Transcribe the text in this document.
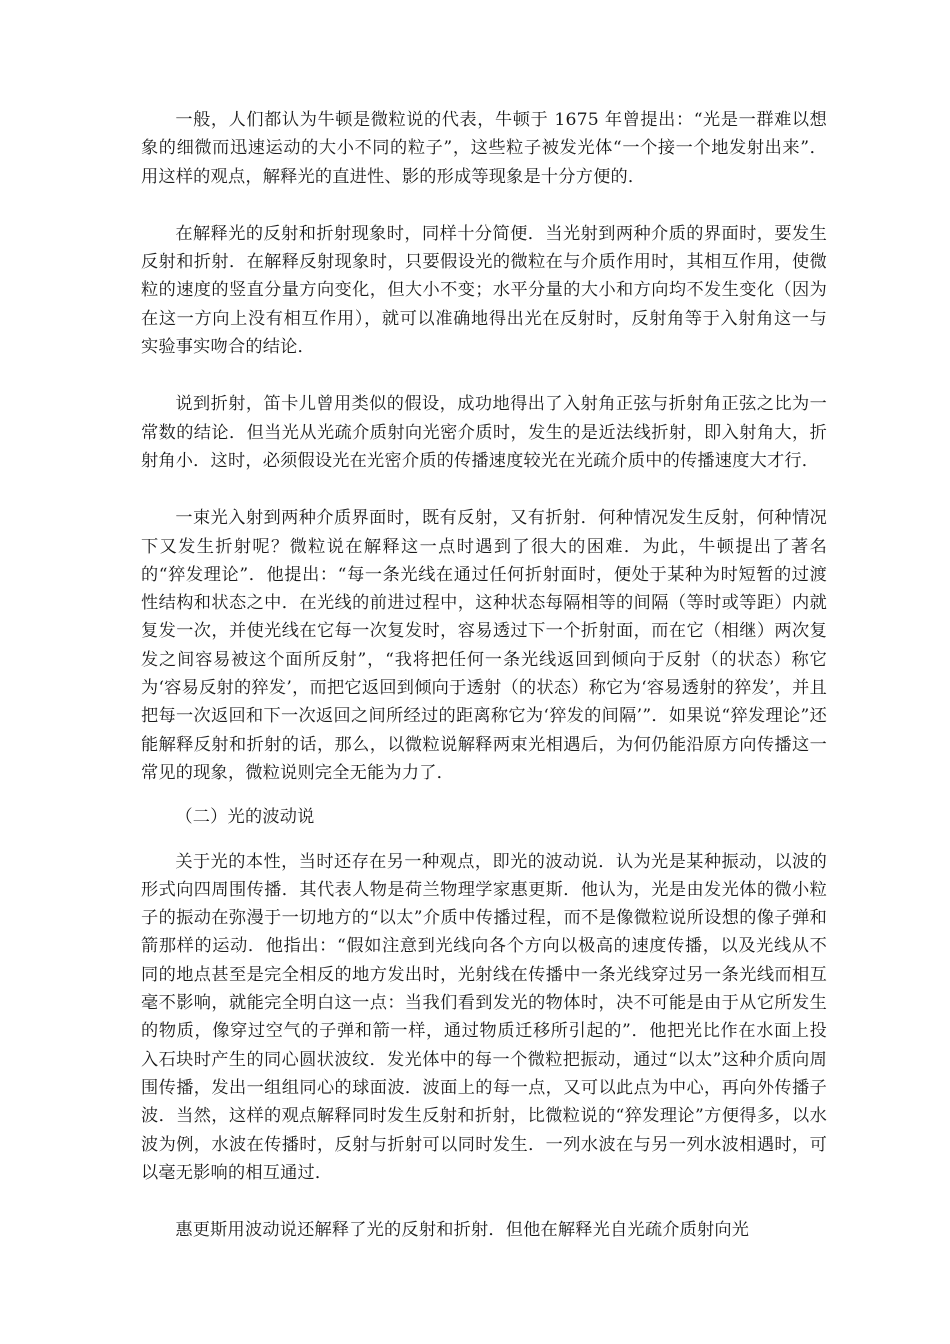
一般，人们都认为牛顿是微粒说的代表，牛顿于 1675 年曾提出：“光是一群难以想象的细微而迅速运动的大小不同的粒子”，这些粒子被发光体“一个接一个地发射出来”．用这样的观点，解释光的直进性、影的形成等现象是十分方便的．

在解释光的反射和折射现象时，同样十分简便．当光射到两种介质的界面时，要发生反射和折射．在解释反射现象时，只要假设光的微粒在与介质作用时，其相互作用，使微粒的速度的竖直分量方向变化，但大小不变；水平分量的大小和方向均不发生变化（因为在这一方向上没有相互作用），就可以准确地得出光在反射时，反射角等于入射角这一与实验事实吻合的结论．

说到折射，笛卡儿曾用类似的假设，成功地得出了入射角正弦与折射角正弦之比为一常数的结论．但当光从光疏介质射向光密介质时，发生的是近法线折射，即入射角大，折射角小．这时，必须假设光在光密介质的传播速度较光在光疏介质中的传播速度大才行．

一束光入射到两种介质界面时，既有反射，又有折射．何种情况发生反射，何种情况下又发生折射呢？微粒说在解释这一点时遇到了很大的困难．为此，牛顿提出了著名的“猝发理论”．他提出：“每一条光线在通过任何折射面时，便处于某种为时短暂的过渡性结构和状态之中．在光线的前进过程中，这种状态每隔相等的间隔（等时或等距）内就复发一次，并使光线在它每一次复发时，容易透过下一个折射面，而在它（相继）两次复发之间容易被这个面所反射”，“我将把任何一条光线返回到倾向于反射（的状态）称它为‘容易反射的猝发’，而把它返回到倾向于透射（的状态）称它为‘容易透射的猝发’，并且把每一次返回和下一次返回之间所经过的距离称它为‘猝发的间隔’”．如果说“猝发理论”还能解释反射和折射的话，那么，以微粒说解释两束光相遇后，为何仍能沿原方向传播这一常见的现象，微粒说则完全无能为力了．

（二）光的波动说

关于光的本性，当时还存在另一种观点，即光的波动说．认为光是某种振动，以波的形式向四周围传播．其代表人物是荷兰物理学家惠更斯．他认为，光是由发光体的微小粒子的振动在弥漫于一切地方的“以太”介质中传播过程，而不是像微粒说所设想的像子弹和箭那样的运动．他指出：“假如注意到光线向各个方向以极高的速度传播，以及光线从不同的地点甚至是完全相反的地方发出时，光射线在传播中一条光线穿过另一条光线而相互毫不影响，就能完全明白这一点：当我们看到发光的物体时，决不可能是由于从它所发生的物质，像穿过空气的子弹和箭一样，通过物质迁移所引起的”．他把光比作在水面上投入石块时产生的同心圆状波纹．发光体中的每一个微粒把振动，通过“以太”这种介质向周围传播，发出一组组同心的球面波．波面上的每一点，又可以此点为中心，再向外传播子波．当然，这样的观点解释同时发生反射和折射，比微粒说的“猝发理论”方便得多，以水波为例，水波在传播时，反射与折射可以同时发生．一列水波在与另一列水波相遇时，可以毫无影响的相互通过．

惠更斯用波动说还解释了光的反射和折射．但他在解释光自光疏介质射向光
